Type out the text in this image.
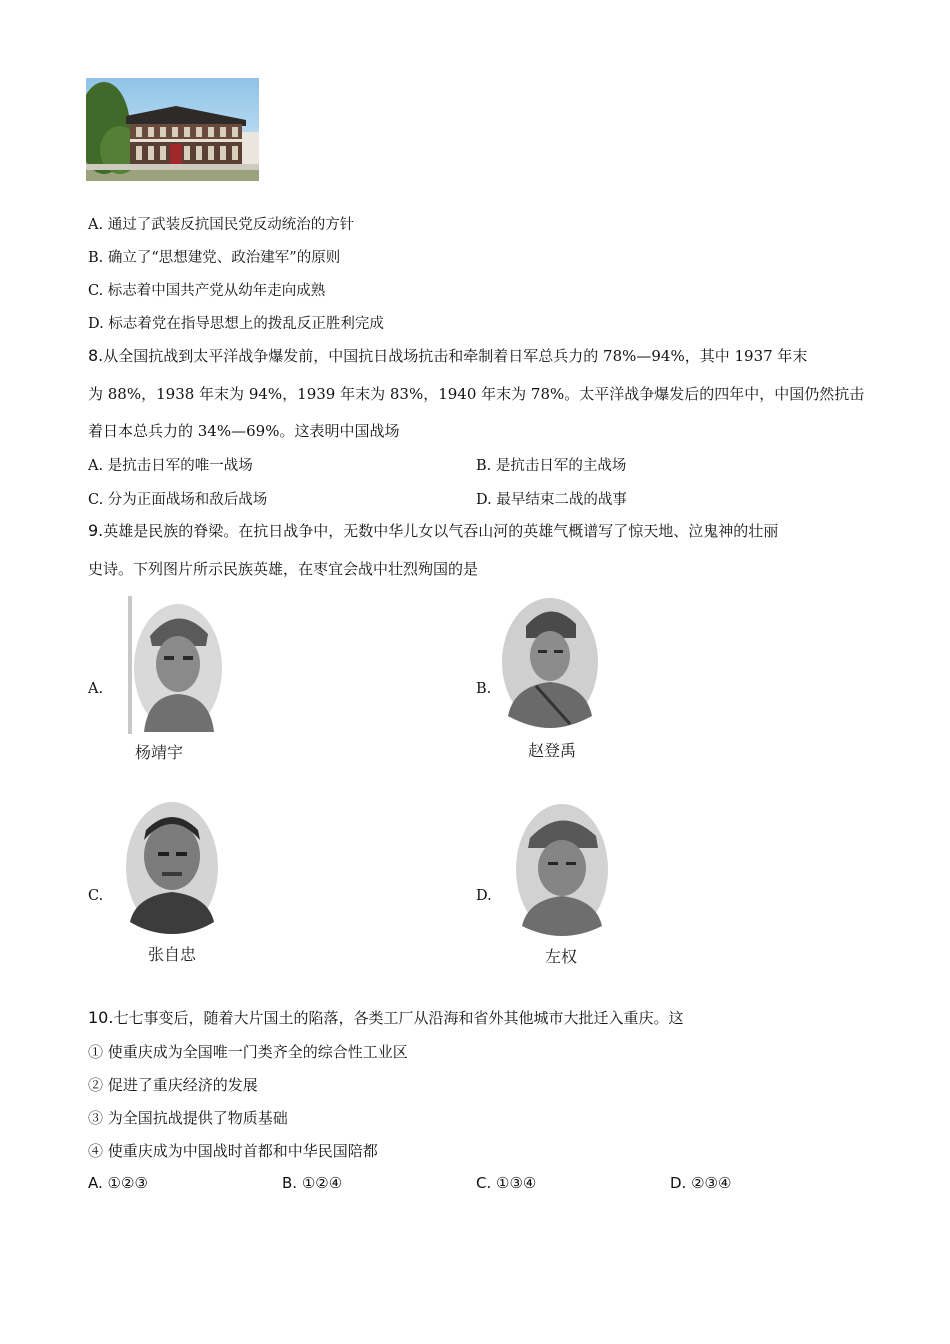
A. 通过了武装反抗国民党反动统治的方针
B. 确立了“思想建党、政治建军”的原则
C. 标志着中国共产党从幼年走向成熟
D. 标志着党在指导思想上的拨乱反正胜利完成
8.从全国抗战到太平洋战争爆发前，中国抗日战场抗击和牵制着日军总兵力的 78%—94%，其中 1937 年末
为 88%，1938 年末为 94%，1939 年末为 83%，1940 年末为 78%。太平洋战争爆发后的四年中，中国仍然抗击
着日本总兵力的 34%—69%。这表明中国战场
A. 是抗击日军的唯一战场	B. 是抗击日军的主战场
C. 分为正面战场和敌后战场	D. 最早结束二战的战事
9.英雄是民族的脊梁。在抗日战争中，无数中华儿女以气吞山河的英雄气概谱写了惊天地、泣鬼神的壮丽
史诗。下列图片所示民族英雄，在枣宜会战中壮烈殉国的是
A.
杨靖宇
B.
赵登禹
C.
张自忠
D.
左权
10.七七事变后，随着大片国土的陷落，各类工厂从沿海和省外其他城市大批迁入重庆。这
① 使重庆成为全国唯一门类齐全的综合性工业区
② 促进了重庆经济的发展
③ 为全国抗战提供了物质基础
④ 使重庆成为中国战时首都和中华民国陪都
A. ①②③	B. ①②④	C. ①③④	D. ②③④
